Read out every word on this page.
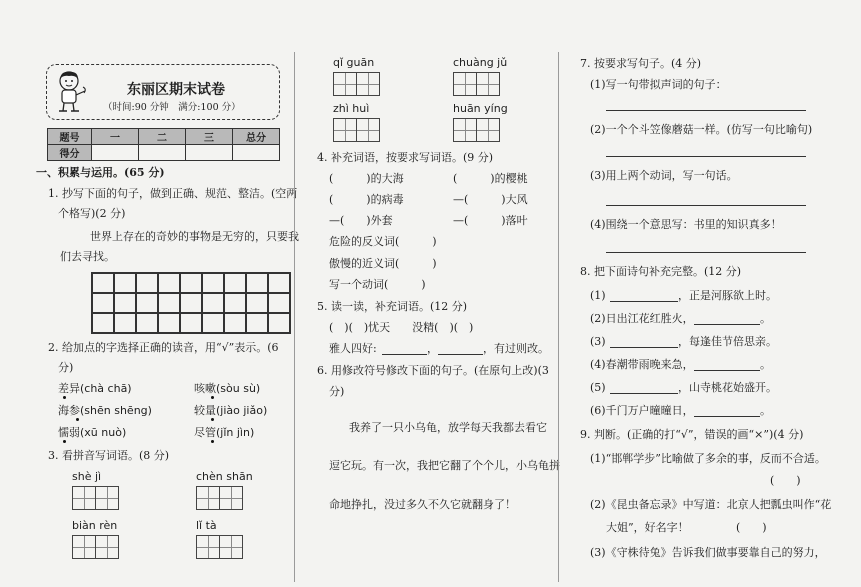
东丽区期末试卷
（时间:90 分钟　满分:100 分）
题号	一	二	三	总分
得分				
一、积累与运用。(65 分)
1. 抄写下面的句子，做到正确、规范、整洁。(空两
个格写)(2 分)
世界上存在的奇妙的事物是无穷的，只要我
们去寻找。
2. 给加点的字选择正确的读音，用“√”表示。(6
分)
差异(chà chā)	咳嗽(sòu sù)
海参(shēn shēng)	较量(jiào jiǎo)
懦弱(xū nuò)	尽管(jǐn jìn)
3. 看拼音写词语。(8 分)
shè jì	chèn shān
biàn rèn	lǐ tà
qǐ guān	chuàng jǔ
zhì huì	huān yíng
4. 补充词语，按要求写词语。(9 分)
(　　　)的大海	(　　　)的樱桃
(　　　)的病毒	—(　　　)大风
—(　　)外套	—(　　　)落叶
危险的反义词(　　　)
傲慢的近义词(　　　)
写一个动词(　　　)
5. 读一读，补充词语。(12 分)
(　)(　)忧天　　没精(　)(　)
雅人四好:	，	，有过则改。
6. 用修改符号修改下面的句子。(在原句上改)(3
分)
我养了一只小乌龟，放学每天我都去看它
逗它玩。有一次，我把它翻了个个儿，小乌龟拼
命地挣扎，没过多久不久它就翻身了！
7. 按要求写句子。(4 分)
(1)写一句带拟声词的句子：
(2)一个个斗笠像蘑菇一样。(仿写一句比喻句)
(3)用上两个动词，写一句话。
(4)围绕一个意思写：书里的知识真多！
8. 把下面诗句补充完整。(12 分)
(1)	，正是河豚欲上时。
(2)日出江花红胜火，	。
(3)	，每逢佳节倍思亲。
(4)春潮带雨晚来急，	。
(5)	，山寺桃花始盛开。
(6)千门万户曈曈日，	。
9. 判断。(正确的打“√”，错误的画“×”)(4 分)
(1)“邯郸学步”比喻做了多余的事，反而不合适。
(　　)
(2)《昆虫备忘录》中写道：北京人把瓢虫叫作“花
大姐”，好名字！	(　　)
(3)《守株待兔》告诉我们做事要靠自己的努力，
